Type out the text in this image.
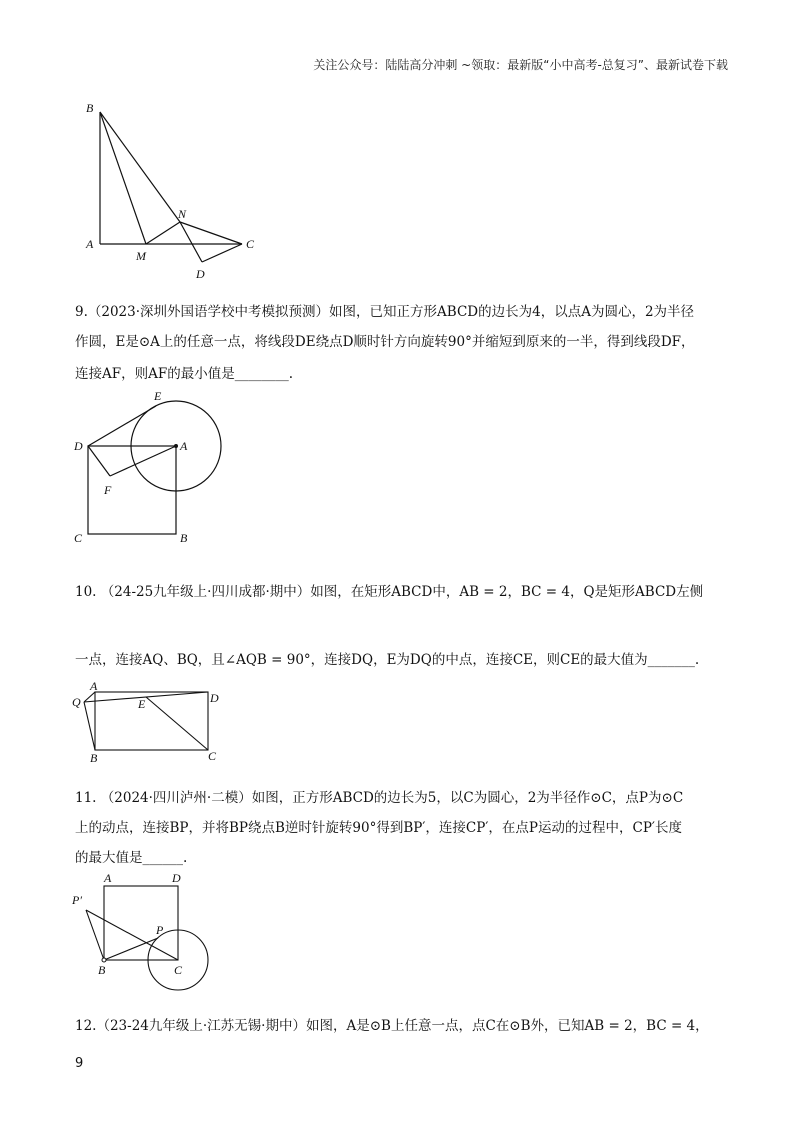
关注公众号：陆陆高分冲刺 ~领取：最新版“小中高考-总复习”、最新试卷下载
B
A
M
N
C
D
9.（2023·深圳外国语学校中考模拟预测）如图，已知正方形ABCD的边长为4，以点A为圆心，2为半径
作圆，E是⊙A上的任意一点，将线段DE绕点D顺时针方向旋转90°并缩短到原来的一半，得到线段DF，
连接AF，则AF的最小值是________.
E
D	A
F
C	B
10. （24-25九年级上·四川成都·期中）如图，在矩形ABCD中，AB = 2，BC = 4，Q是矩形ABCD左侧
一点，连接AQ、BQ，且∠AQB = 90°，连接DQ，E为DQ的中点，连接CE，则CE的最大值为_______.
A
Q	E	D
B	C
11. （2024·四川泸州·二模）如图，正方形ABCD的边长为5，以C为圆心，2为半径作⊙C，点P为⊙C
上的动点，连接BP，并将BP绕点B逆时针旋转90°得到BP′，连接CP′，在点P运动的过程中，CP′长度
的最大值是______.
A	D
P′
P
B	C
12.（23-24九年级上·江苏无锡·期中）如图，A是⊙B上任意一点，点C在⊙B外，已知AB = 2，BC = 4，
9
